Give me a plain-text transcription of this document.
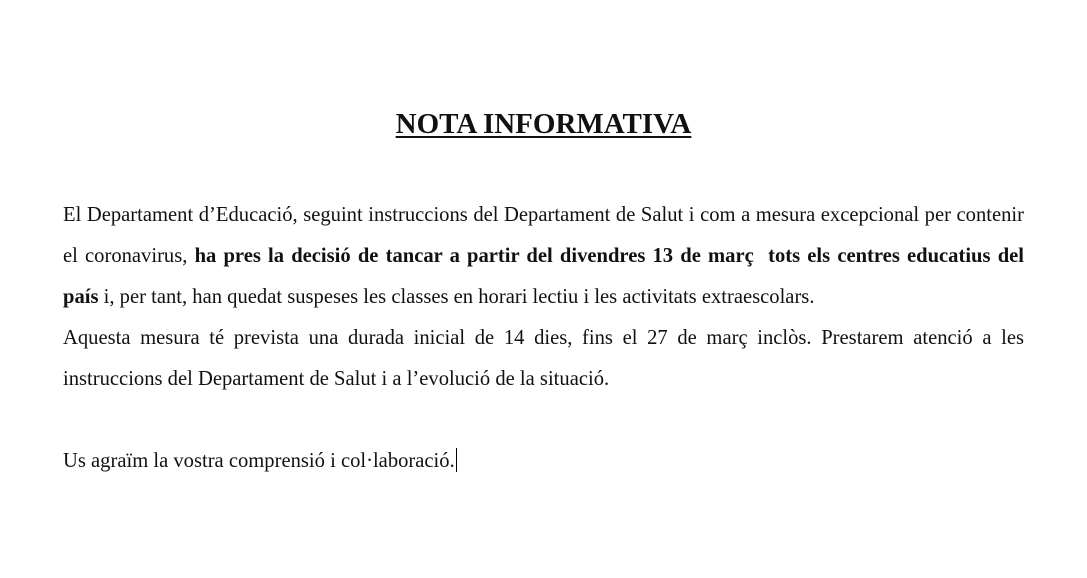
NOTA INFORMATIVA

El Departament d’Educació, seguint instruccions del Departament de Salut i com a mesura excepcional per contenir el coronavirus, ha pres la decisió de tancar a partir del divendres 13 de març tots els centres educatius del país i, per tant, han quedat suspeses les classes en horari lectiu i les activitats extraescolars.

Aquesta mesura té prevista una durada inicial de 14 dies, fins el 27 de març inclòs. Prestarem atenció a les instruccions del Departament de Salut i a l’evolució de la situació.

Us agraïm la vostra comprensió i col·laboració.
